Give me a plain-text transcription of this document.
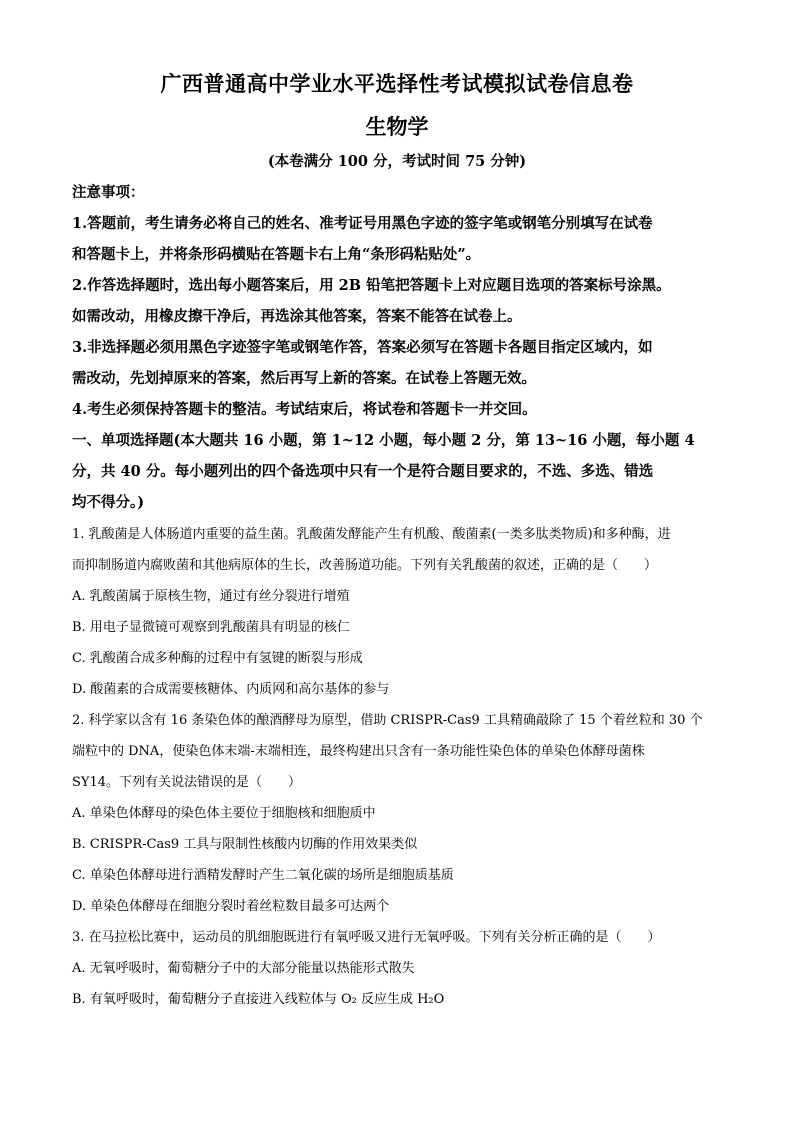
广西普通高中学业水平选择性考试模拟试卷信息卷
生物学
(本卷满分 100 分，考试时间 75 分钟)
注意事项：
1.答题前，考生请务必将自己的姓名、准考证号用黑色字迹的签字笔或钢笔分别填写在试卷
和答题卡上，并将条形码横贴在答题卡右上角“条形码粘贴处”。
2.作答选择题时，选出每小题答案后，用 2B 铅笔把答题卡上对应题目选项的答案标号涂黑。
如需改动，用橡皮擦干净后，再选涂其他答案，答案不能答在试卷上。
3.非选择题必须用黑色字迹签字笔或钢笔作答，答案必须写在答题卡各题目指定区域内，如
需改动，先划掉原来的答案，然后再写上新的答案。在试卷上答题无效。
4.考生必须保持答题卡的整洁。考试结束后，将试卷和答题卡一并交回。
一、单项选择题(本大题共 16 小题，第 1~12 小题，每小题 2 分，第 13~16 小题，每小题 4
分，共 40 分。每小题列出的四个备选项中只有一个是符合题目要求的，不选、多选、错选
均不得分。)
1. 乳酸菌是人体肠道内重要的益生菌。乳酸菌发酵能产生有机酸、酸菌素(一类多肽类物质)和多种酶，进
而抑制肠道内腐败菌和其他病原体的生长，改善肠道功能。下列有关乳酸菌的叙述，正确的是（　　）
A. 乳酸菌属于原核生物，通过有丝分裂进行增殖
B. 用电子显微镜可观察到乳酸菌具有明显的核仁
C. 乳酸菌合成多种酶的过程中有氢键的断裂与形成
D. 酸菌素的合成需要核糖体、内质网和高尔基体的参与
2. 科学家以含有 16 条染色体的酿酒酵母为原型，借助 CRISPR-Cas9 工具精确敲除了 15 个着丝粒和 30 个
端粒中的 DNA，使染色体末端-末端相连，最终构建出只含有一条功能性染色体的单染色体酵母菌株
SY14。下列有关说法错误的是（　　）
A. 单染色体酵母的染色体主要位于细胞核和细胞质中
B. CRISPR-Cas9 工具与限制性核酸内切酶的作用效果类似
C. 单染色体酵母进行酒精发酵时产生二氧化碳的场所是细胞质基质
D. 单染色体酵母在细胞分裂时着丝粒数目最多可达两个
3. 在马拉松比赛中，运动员的肌细胞既进行有氧呼吸又进行无氧呼吸。下列有关分析正确的是（　　）
A. 无氧呼吸时，葡萄糖分子中的大部分能量以热能形式散失
B. 有氧呼吸时，葡萄糖分子直接进入线粒体与 O₂ 反应生成 H₂O
